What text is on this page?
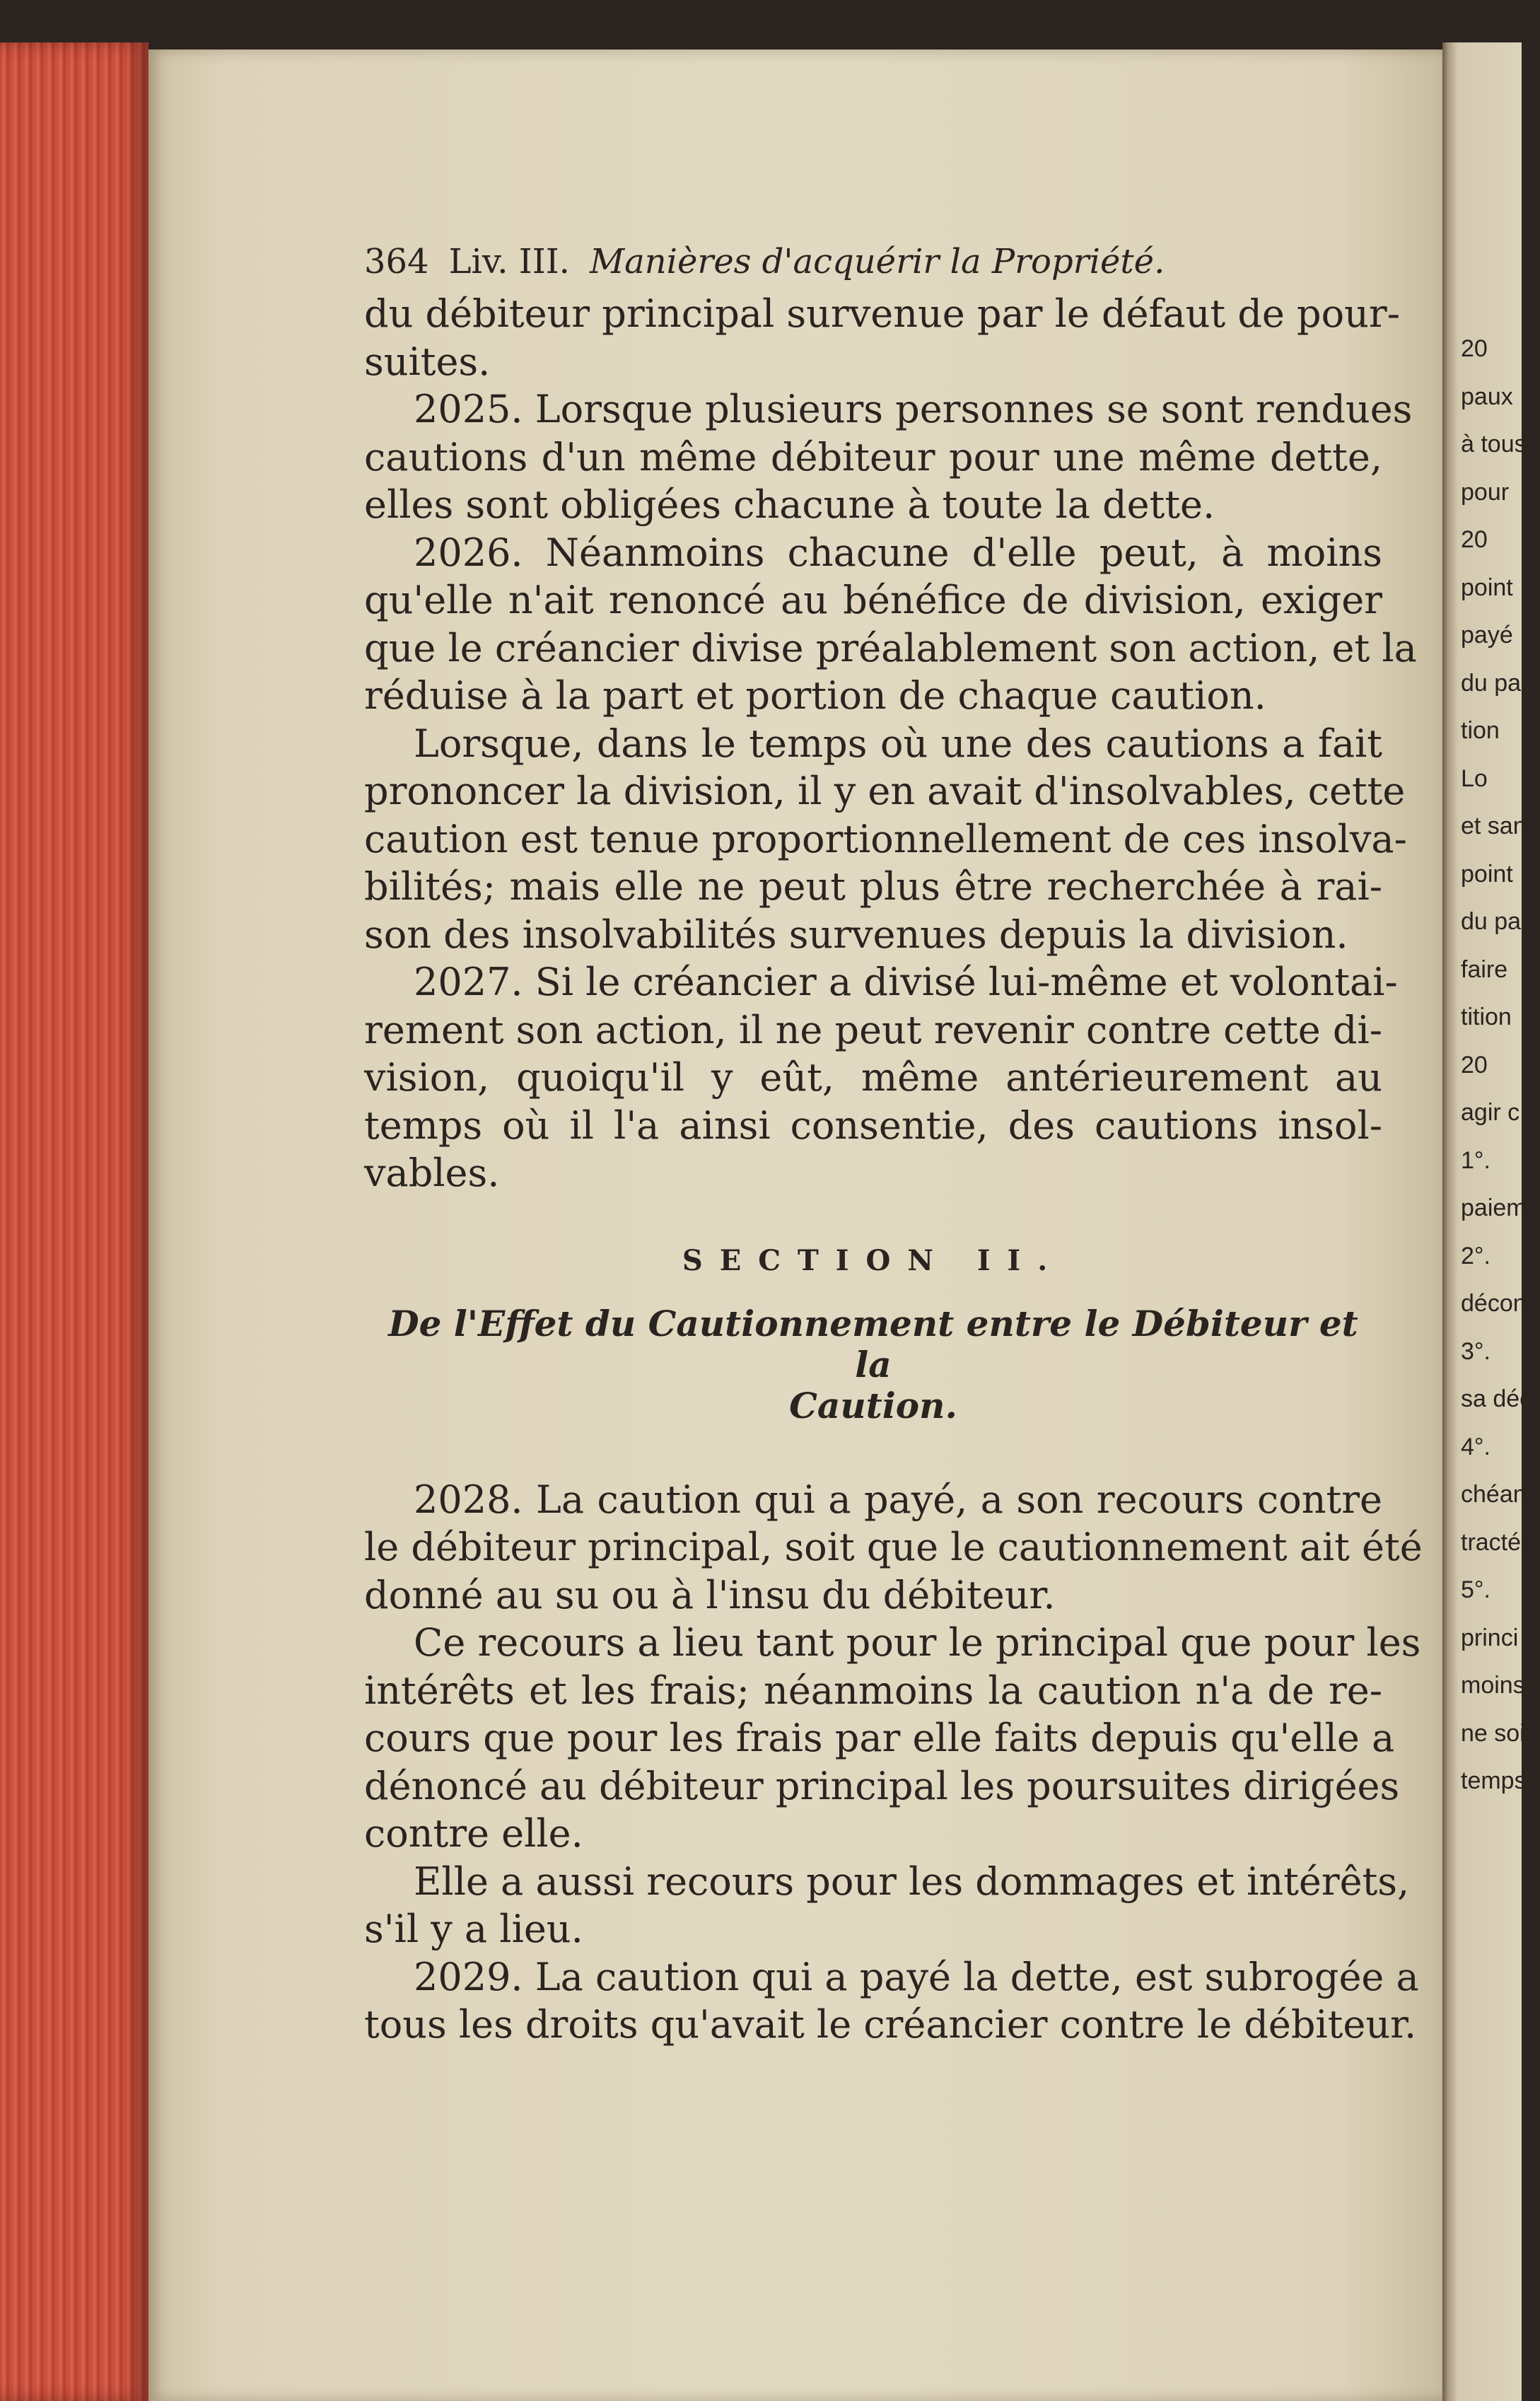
364 Liv. III. Manières d'acquérir la Propriété.
du débiteur principal survenue par le défaut de pour-
suites.
2025. Lorsque plusieurs personnes se sont rendues
cautions d'un même débiteur pour une même dette,
elles sont obligées chacune à toute la dette.
2026. Néanmoins chacune d'elle peut, à moins
qu'elle n'ait renoncé au bénéfice de division, exiger
que le créancier divise préalablement son action, et la
réduise à la part et portion de chaque caution.
Lorsque, dans le temps où une des cautions a fait
prononcer la division, il y en avait d'insolvables, cette
caution est tenue proportionnellement de ces insolva-
bilités; mais elle ne peut plus être recherchée à rai-
son des insolvabilités survenues depuis la division.
2027. Si le créancier a divisé lui-même et volontai-
rement son action, il ne peut revenir contre cette di-
vision, quoiqu'il y eût, même antérieurement au
temps où il l'a ainsi consentie, des cautions insol-
vables.
SECTION II.
De l'Effet du Cautionnement entre le Débiteur et la
Caution.
2028. La caution qui a payé, a son recours contre
le débiteur principal, soit que le cautionnement ait été
donné au su ou à l'insu du débiteur.
Ce recours a lieu tant pour le principal que pour les
intérêts et les frais; néanmoins la caution n'a de re-
cours que pour les frais par elle faits depuis qu'elle a
dénoncé au débiteur principal les poursuites dirigées
contre elle.
Elle a aussi recours pour les dommages et intérêts,
s'il y a lieu.
2029. La caution qui a payé la dette, est subrogée a
tous les droits qu'avait le créancier contre le débiteur.
20
paux
à tous
pour
20
point
payé
du pa
tion
Lo
et sans
point
du pa
faire
tition
20
agir c
1°.
paieme
2°.
déconf
3°.
sa déc
4°.
chéan
tractée
5°.
princi
moins
ne soit
temps
